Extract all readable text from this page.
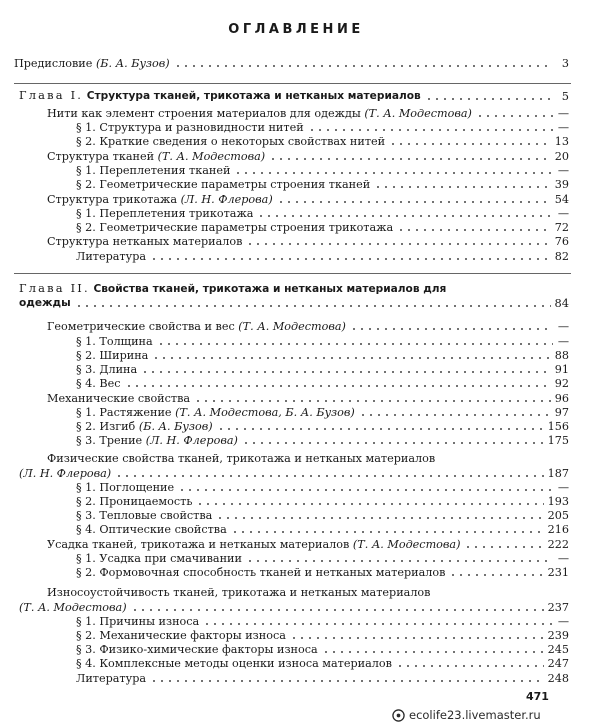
ОГЛАВЛЕНИЕ
Предисловие (Б. А. Бузов)	3
Глава I. Структура тканей, трикотажа и нетканых материалов	5
Нити как элемент строения материалов для одежды (Т. А. Модестова)	—
§ 1. Структура и разновидности нитей	—
§ 2. Краткие сведения о некоторых свойствах нитей	13
Структура тканей (Т. А. Модестова)	20
§ 1. Переплетения тканей	—
§ 2. Геометрические параметры строения тканей	39
Структура трикотажа (Л. Н. Флерова)	54
§ 1. Переплетения трикотажа	—
§ 2. Геометрические параметры строения трикотажа	72
Структура нетканых материалов	76
Литература	82
Глава II. Свойства тканей, трикотажа и нетканых материалов для
одежды	84
Геометрические свойства и вес (Т. А. Модестова)	—
§ 1. Толщина	—
§ 2. Ширина	88
§ 3. Длина	91
§ 4. Вес	92
Механические свойства	96
§ 1. Растяжение (Т. А. Модестова, Б. А. Бузов)	97
§ 2. Изгиб (Б. А. Бузов)	156
§ 3. Трение (Л. Н. Флерова)	175
Физические свойства тканей, трикотажа и нетканых материалов
(Л. Н. Флерова)	187
§ 1. Поглощение	—
§ 2. Проницаемость	193
§ 3. Тепловые свойства	205
§ 4. Оптические свойства	216
Усадка тканей, трикотажа и нетканых материалов (Т. А. Модестова)	222
§ 1. Усадка при смачивании	—
§ 2. Формовочная способность тканей и нетканых материалов	231
Износоустойчивость тканей, трикотажа и нетканых материалов
(Т. А. Модестова)	237
§ 1. Причины износа	—
§ 2. Механические факторы износа	239
§ 3. Физико-химические факторы износа	245
§ 4. Комплексные методы оценки износа материалов	247
Литература	248
471
ecolife23.livemaster.ru
